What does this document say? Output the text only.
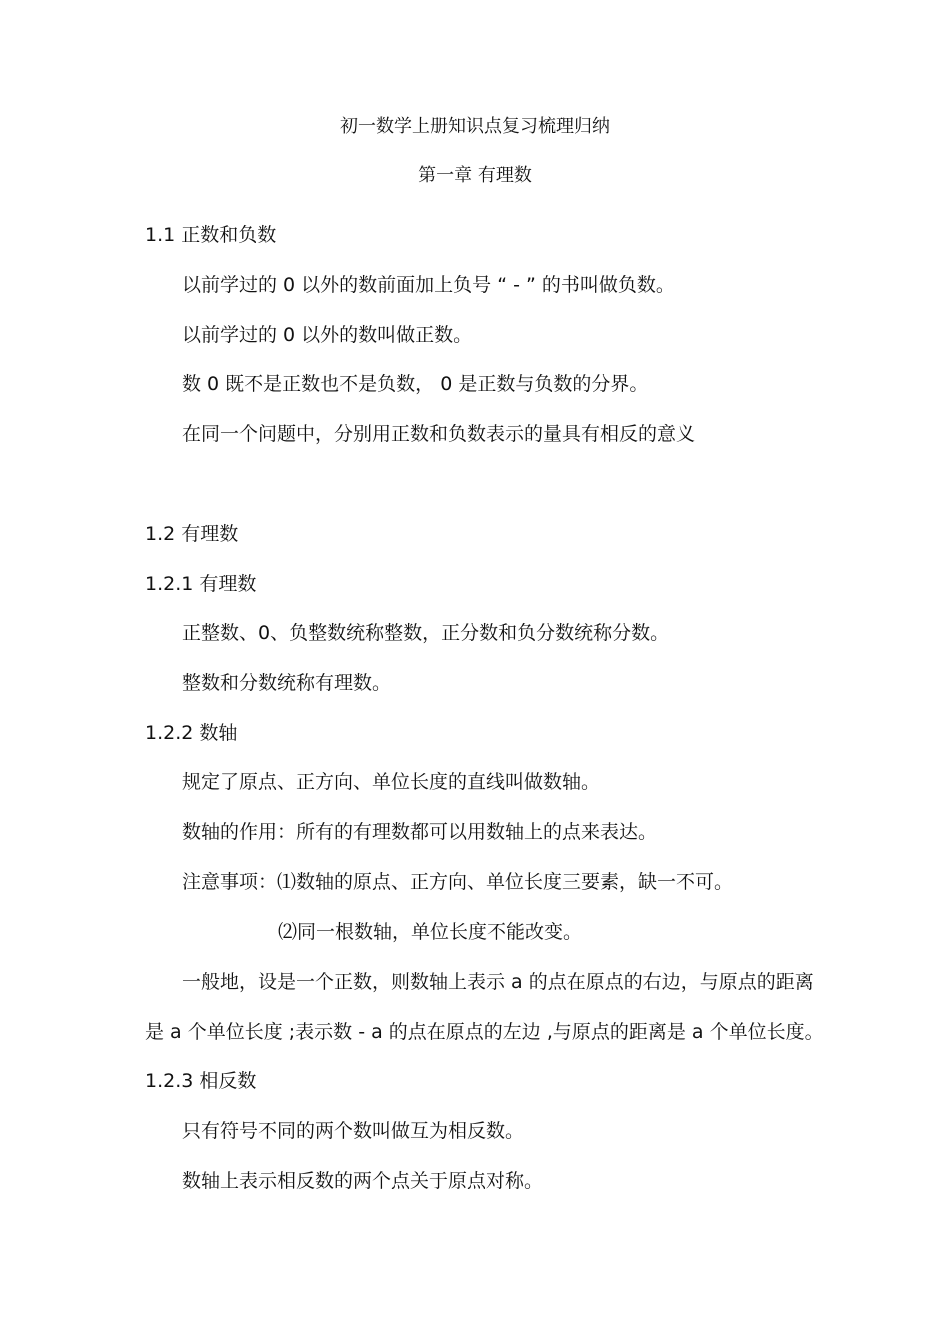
初一数学上册知识点复习梳理归纳
第一章 有理数
1.1 正数和负数
以前学过的 0 以外的数前面加上负号 “ - ” 的书叫做负数。
以前学过的 0 以外的数叫做正数。
数 0 既不是正数也不是负数， 0 是正数与负数的分界。
在同一个问题中，分别用正数和负数表示的量具有相反的意义
1.2 有理数
1.2.1 有理数
正整数、0、负整数统称整数，正分数和负分数统称分数。
整数和分数统称有理数。
1.2.2 数轴
规定了原点、正方向、单位长度的直线叫做数轴。
数轴的作用：所有的有理数都可以用数轴上的点来表达。
注意事项：⑴数轴的原点、正方向、单位长度三要素，缺一不可。
⑵同一根数轴，单位长度不能改变。
一般地，设是一个正数，则数轴上表示 a 的点在原点的右边，与原点的距离
是 a 个单位长度 ;表示数 - a 的点在原点的左边 ,与原点的距离是 a 个单位长度。
1.2.3 相反数
只有符号不同的两个数叫做互为相反数。
数轴上表示相反数的两个点关于原点对称。
